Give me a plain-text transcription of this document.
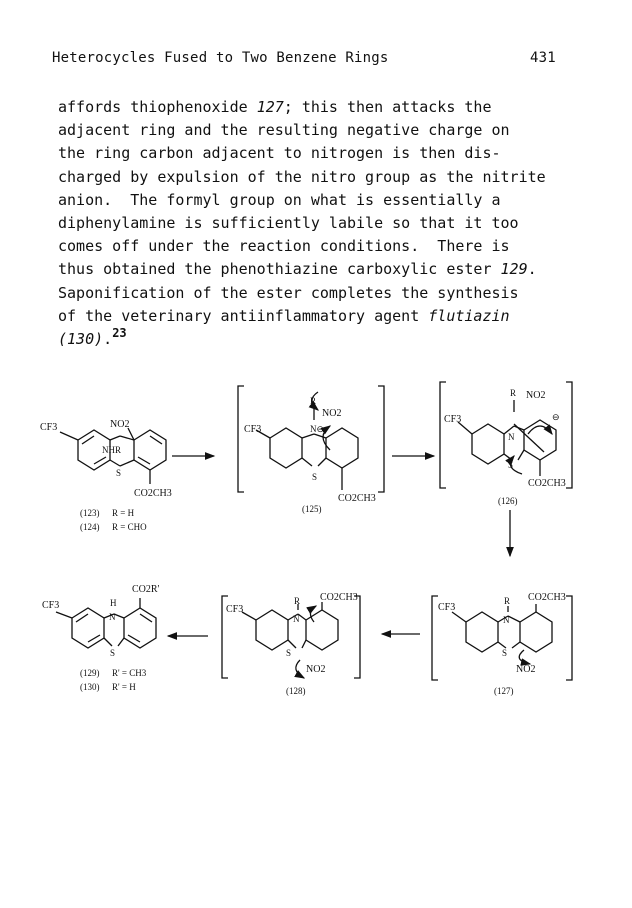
Heterocycles Fused to Two Benzene Rings	431
affords thiophenoxide 127; this then attacks the
adjacent ring and the resulting negative charge on
the ring carbon adjacent to nitrogen is then dis-
charged by expulsion of the nitro group as the nitrite
anion.  The formyl group on what is essentially a
diphenylamine is sufficiently labile so that it too
comes off under the reaction conditions.  There is
thus obtained the phenothiazine carboxylic ester 129.
Saponification of the ester completes the synthesis
of the veterinary antiinflammatory agent flutiazin
(130).$^{23}$
CF3	NO2
NHR
S
CO2CH3
(123) R = H
(124) R = CHO
CF3
R
NO2
N⊖
S
CO2CH3
(125)
CF3
R NO2
N
⊖
S
CO2CH3
(126)
CF3
R CO2CH3
N
S
NO2
(127)
CF3
R CO2CH3
N
S
NO2
(128)
CF3	H
CO2R'
N
S
(129) R' = CH3
(130) R' = H
